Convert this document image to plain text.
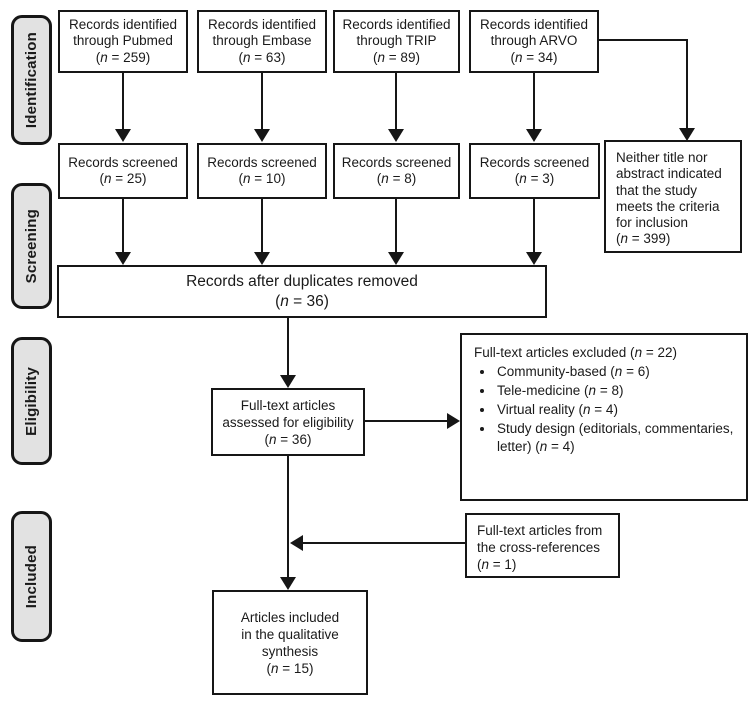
Identification
Screening
Eligibility
Included
Records identified through Pubmed
(n = 259)
Records identified through Embase
(n = 63)
Records identified through TRIP
(n = 89)
Records identified through ARVO
(n = 34)
Records screened
(n = 25)
Records screened
(n = 10)
Records screened
(n = 8)
Records screened
(n = 3)
Neither title nor abstract indicated that the study meets the criteria for inclusion
(n = 399)
Records after duplicates removed
(n = 36)
Full-text articles assessed for eligibility
(n = 36)
Full-text articles excluded (n = 22)
• Community-based (n = 6)
• Tele-medicine (n = 8)
• Virtual reality (n = 4)
• Study design (editorials, commentaries, letter) (n = 4)
Full-text articles from the cross-references
(n = 1)
Articles included in the qualitative synthesis
(n = 15)
